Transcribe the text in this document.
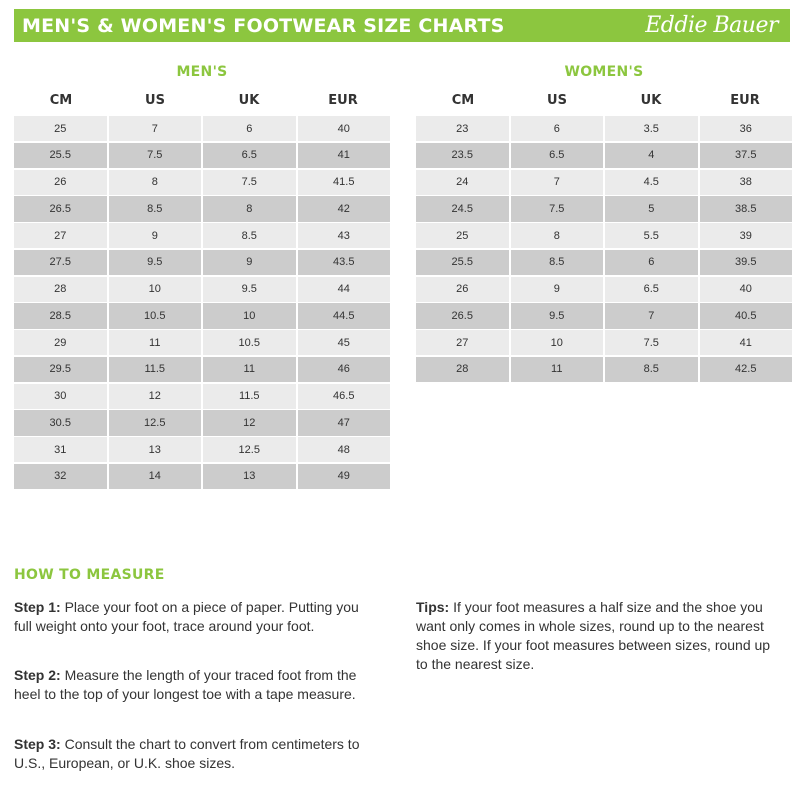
MEN'S & WOMEN'S FOOTWEAR SIZE CHARTS	Eddie Bauer
MEN'S	WOMEN'S
CM	US	UK	EUR
25	7	6	40
25.5	7.5	6.5	41
26	8	7.5	41.5
26.5	8.5	8	42
27	9	8.5	43
27.5	9.5	9	43.5
28	10	9.5	44
28.5	10.5	10	44.5
29	11	10.5	45
29.5	11.5	11	46
30	12	11.5	46.5
30.5	12.5	12	47
31	13	12.5	48
32	14	13	49
CM	US	UK	EUR
23	6	3.5	36
23.5	6.5	4	37.5
24	7	4.5	38
24.5	7.5	5	38.5
25	8	5.5	39
25.5	8.5	6	39.5
26	9	6.5	40
26.5	9.5	7	40.5
27	10	7.5	41
28	11	8.5	42.5
HOW TO MEASURE
Step 1: Place your foot on a piece of paper. Putting you full weight onto your foot, trace around your foot.
Step 2: Measure the length of your traced foot from the heel to the top of your longest toe with a tape measure.
Step 3: Consult the chart to convert from centimeters to U.S., European, or U.K. shoe sizes.
Tips: If your foot measures a half size and the shoe you want only comes in whole sizes, round up to the nearest shoe size. If your foot measures between sizes, round up to the nearest size.
